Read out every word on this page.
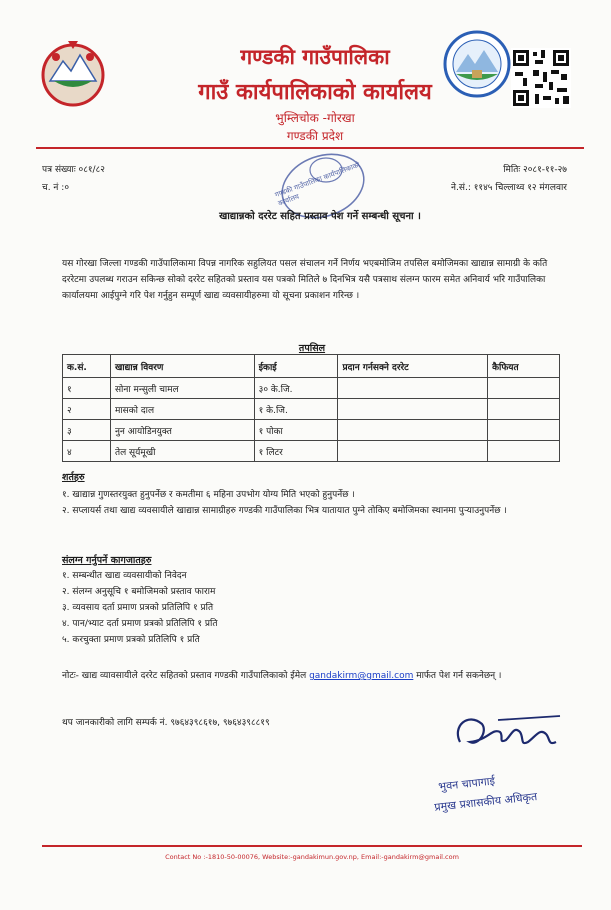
गण्डकी गाउँपालिका
गाउँ कार्यपालिकाको कार्यालय
भुम्लिचोक -गोरखा
गण्डकी प्रदेश
पत्र संख्याः ०८१/८२
च. नं :०
मितिः २०८१-११-२७
ने.सं.: ११४५ चिल्लाथ्व १२ मंगलवार
गण्डकी गाउँपालिका कार्यपालिकाको कार्यालय
खाद्यान्नको दररेट सहित प्रस्ताव पेश गर्ने सम्बन्धी सूचना ।
यस गोरखा जिल्ला गण्डकी गाउँपालिकामा विपन्न नागरिक सहुलियत पसल संचालन गर्ने निर्णय भएबमोजिम तपसिल बमोजिमका खाद्यान्न सामाग्री के कति दररेटमा उपलब्ध गराउन सकिन्छ सोको दररेट सहितको प्रस्ताव यस पत्रको मितिले ७ दिनभित्र यसै पत्रसाथ संलग्न फारम समेत अनिवार्य भरि गाउँपालिका कार्यालयमा आईपुग्ने गरि पेश गर्नुहुन सम्पूर्ण खाद्य व्यवसायीहरुमा यो सूचना प्रकाशन गरिन्छ ।
तपसिल
क.सं.	खाद्यान्न विवरण	ईकाई	प्रदान गर्नसक्ने दररेट	कैफियत
१	सोना मन्सुली चामल	३० के.जि.		
२	मासको दाल	१ के.जि.		
३	नुन आयोडिनयुक्त	१ पोका		
४	तेल सूर्यमूखी	१ लिटर		
शर्तहरु
१. खाद्यान्न गुणस्तरयुक्त हुनुपर्नेछ र कमतीमा ६ महिना उपभोग योग्य मिति भएको हुनुपर्नेछ ।
२. सप्लायर्स तथा खाद्य व्यवसायीले खाद्यान्न सामाग्रीहरु गण्डकी गाउँपालिका भित्र यातायात पुग्ने तोकिए बमोजिमका स्थानमा पुर्‍याउनुपर्नेछ ।
संलग्न गर्नुपर्ने कागजातहरु
१. सम्बन्धीत खाद्य व्यवसायीको निवेदन
२. संलग्न अनुसूचि १ बमोजिमको प्रस्ताव फाराम
३. व्यवसाय दर्ता प्रमाण प्रत्रको प्रतिलिपि १ प्रति
४. पान/भ्याट दर्ता प्रमाण प्रत्रको प्रतिलिपि १ प्रति
५. करचुक्ता प्रमाण प्रत्रको प्रतिलिपि १ प्रति
नोटः- खाद्य व्यावसायीले दररेट सहितको प्रस्ताव गण्डकी गाउँपालिकाको ईमेल gandakirm@gmail.com मार्फत पेश गर्न सकनेछन् ।
थप जानकारीको लागि सम्पर्क नं. ९७६४३९८६१७, ९७६४३९८८१९
भुवन चापागाई
प्रमुख प्रशासकीय अधिकृत
Contact No :-1810-50-00076, Website:-gandakimun.gov.np, Email:-gandakirm@gmail.com
